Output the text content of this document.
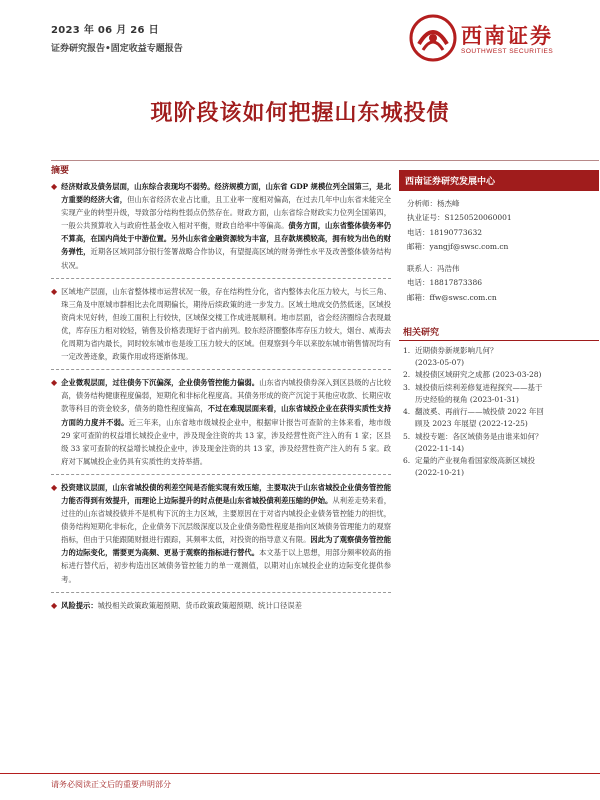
2023 年 06 月 26 日
证券研究报告•固定收益专题报告
西南证券
SOUTHWEST SECURITIES
现阶段该如何把握山东城投债
摘要
◆ 经济财政及债务层面，山东综合表现均不弱势。经济规模方面，山东省 GDP 规模位列全国第三，是北方重要的经济大省，但山东省经济农业占比重，且工业率一度相对偏高，在过去几年中山东省未能完全实现产业的转型升级，导致部分结构性弱点仍然存在。财政方面，山东省综合财政实力位列全国第四，一般公共预算收入与政府性基金收入相对平衡，财政自给率中等偏高。债务方面，山东省整体债务率仍不算高，在国内尚处于中游位置。另外山东省金融资源较为丰富，且存款规模较高，拥有较为出色的财务弹性，近期各区域同部分银行签署战略合作协议，有望提高区域的财务弹性水平及改善整体债务结构状况。
◆ 区域地产层面，山东省整体楼市运营状况一般，存在结构性分化，省内整体去化压力较大，与长三角、珠三角及中原城市群相比去化周期偏长，期待后续政策的进一步发力。区域土地成交仍然低迷，区域投资尚未见好转，但竣工面积上行较快，区域保交楼工作成进展顺利。地市层面，省会经济圈综合表现最优，库存压力相对较轻，销售及价格表现好于省内前列。胶东经济圈整体库存压力较大，烟台、威海去化周期为省内最长，同时较东城市也是竣工压力较大的区域。但观察到今年以来胶东城市销售情况均有一定改善迹象，政策作用或将逐渐体现。
◆ 企业微观层面，过往债务下沉偏深，企业债务管控能力偏弱。山东省内城投债券深入到区县级的占比较高，债务结构健康程度偏弱，短期化和非标化程度高。其债务形成的资产沉淀于其他应收款、长期应收款等科目的资金较多，债务的隐性程度偏高，不过在难现层面来看，山东省城投企业在获得实质性支持方面的力度并不弱。近三年来，山东省地市级城投企业中，根据审计报告可查阶的主体来看，地市级 29 家可查阶的权益增长城投企业中，涉及现金注资的共 13 家，涉及经营性资产注入的有 1 家；区县级 33 家可查阶的权益增长城投企业中，涉及现金注资的共 13 家，涉及经营性资产注入的有 5 家。政府对下属城投企业仍具有实质性的支持举措。
◆ 投资建议层面，山东省城投债的利差空间是否能实现有效压缩，主要取决于山东省城投企业债务管控能力能否得到有效提升，而理论上边际提升的时点便是山东省城投债利差压缩的伊始。从利差走势来看，过往的山东省城投债并不是机构下沉的主力区域，主要原因在于对省内城投企业债务管控能力的担忧，债务结构短期化非标化，企业债务下沉层级深度以及企业债务隐性程度是指向区域债务管理能力的观察指标，但由于只能跟随财报进行跟踪，其频率太低，对投资的指导意义有限。因此为了观察债务管控能力的边际变化，需要更为高频、更易于观察的指标进行替代。本文基于以上思想，用部分频率较高的指标进行替代后，初步构造出区域债务管控能力的单一观测值，以期对山东城投企业的边际变化提供参考。
◆ 风险提示：城投相关政策政策超预期、货币政策政策超预期、统计口径误差
西南证券研究发展中心
分析师：杨杰峰
执业证号：S1250520060001
电话：18190773632
邮箱：yangjf@swsc.com.cn
联系人：冯浩伟
电话：18817873386
邮箱：ffw@swsc.com.cn
相关研究
1. 近期债券新规影响几何？
(2023-05-07)
2. 城投债区域研究之成都 (2023-03-28)
3. 城投债后续利差修复进程探究——基于
历史经验的视角 (2023-01-31)
4. 翻波奚、再前行——城投债 2022 年回
顾及 2023 年展望 (2022-12-25)
5. 城投专题：各区域债务是由谁来如何？
(2022-11-14)
6. 定量的产业视角看国家级高新区城投
(2022-10-21)
请务必阅读正文后的重要声明部分
